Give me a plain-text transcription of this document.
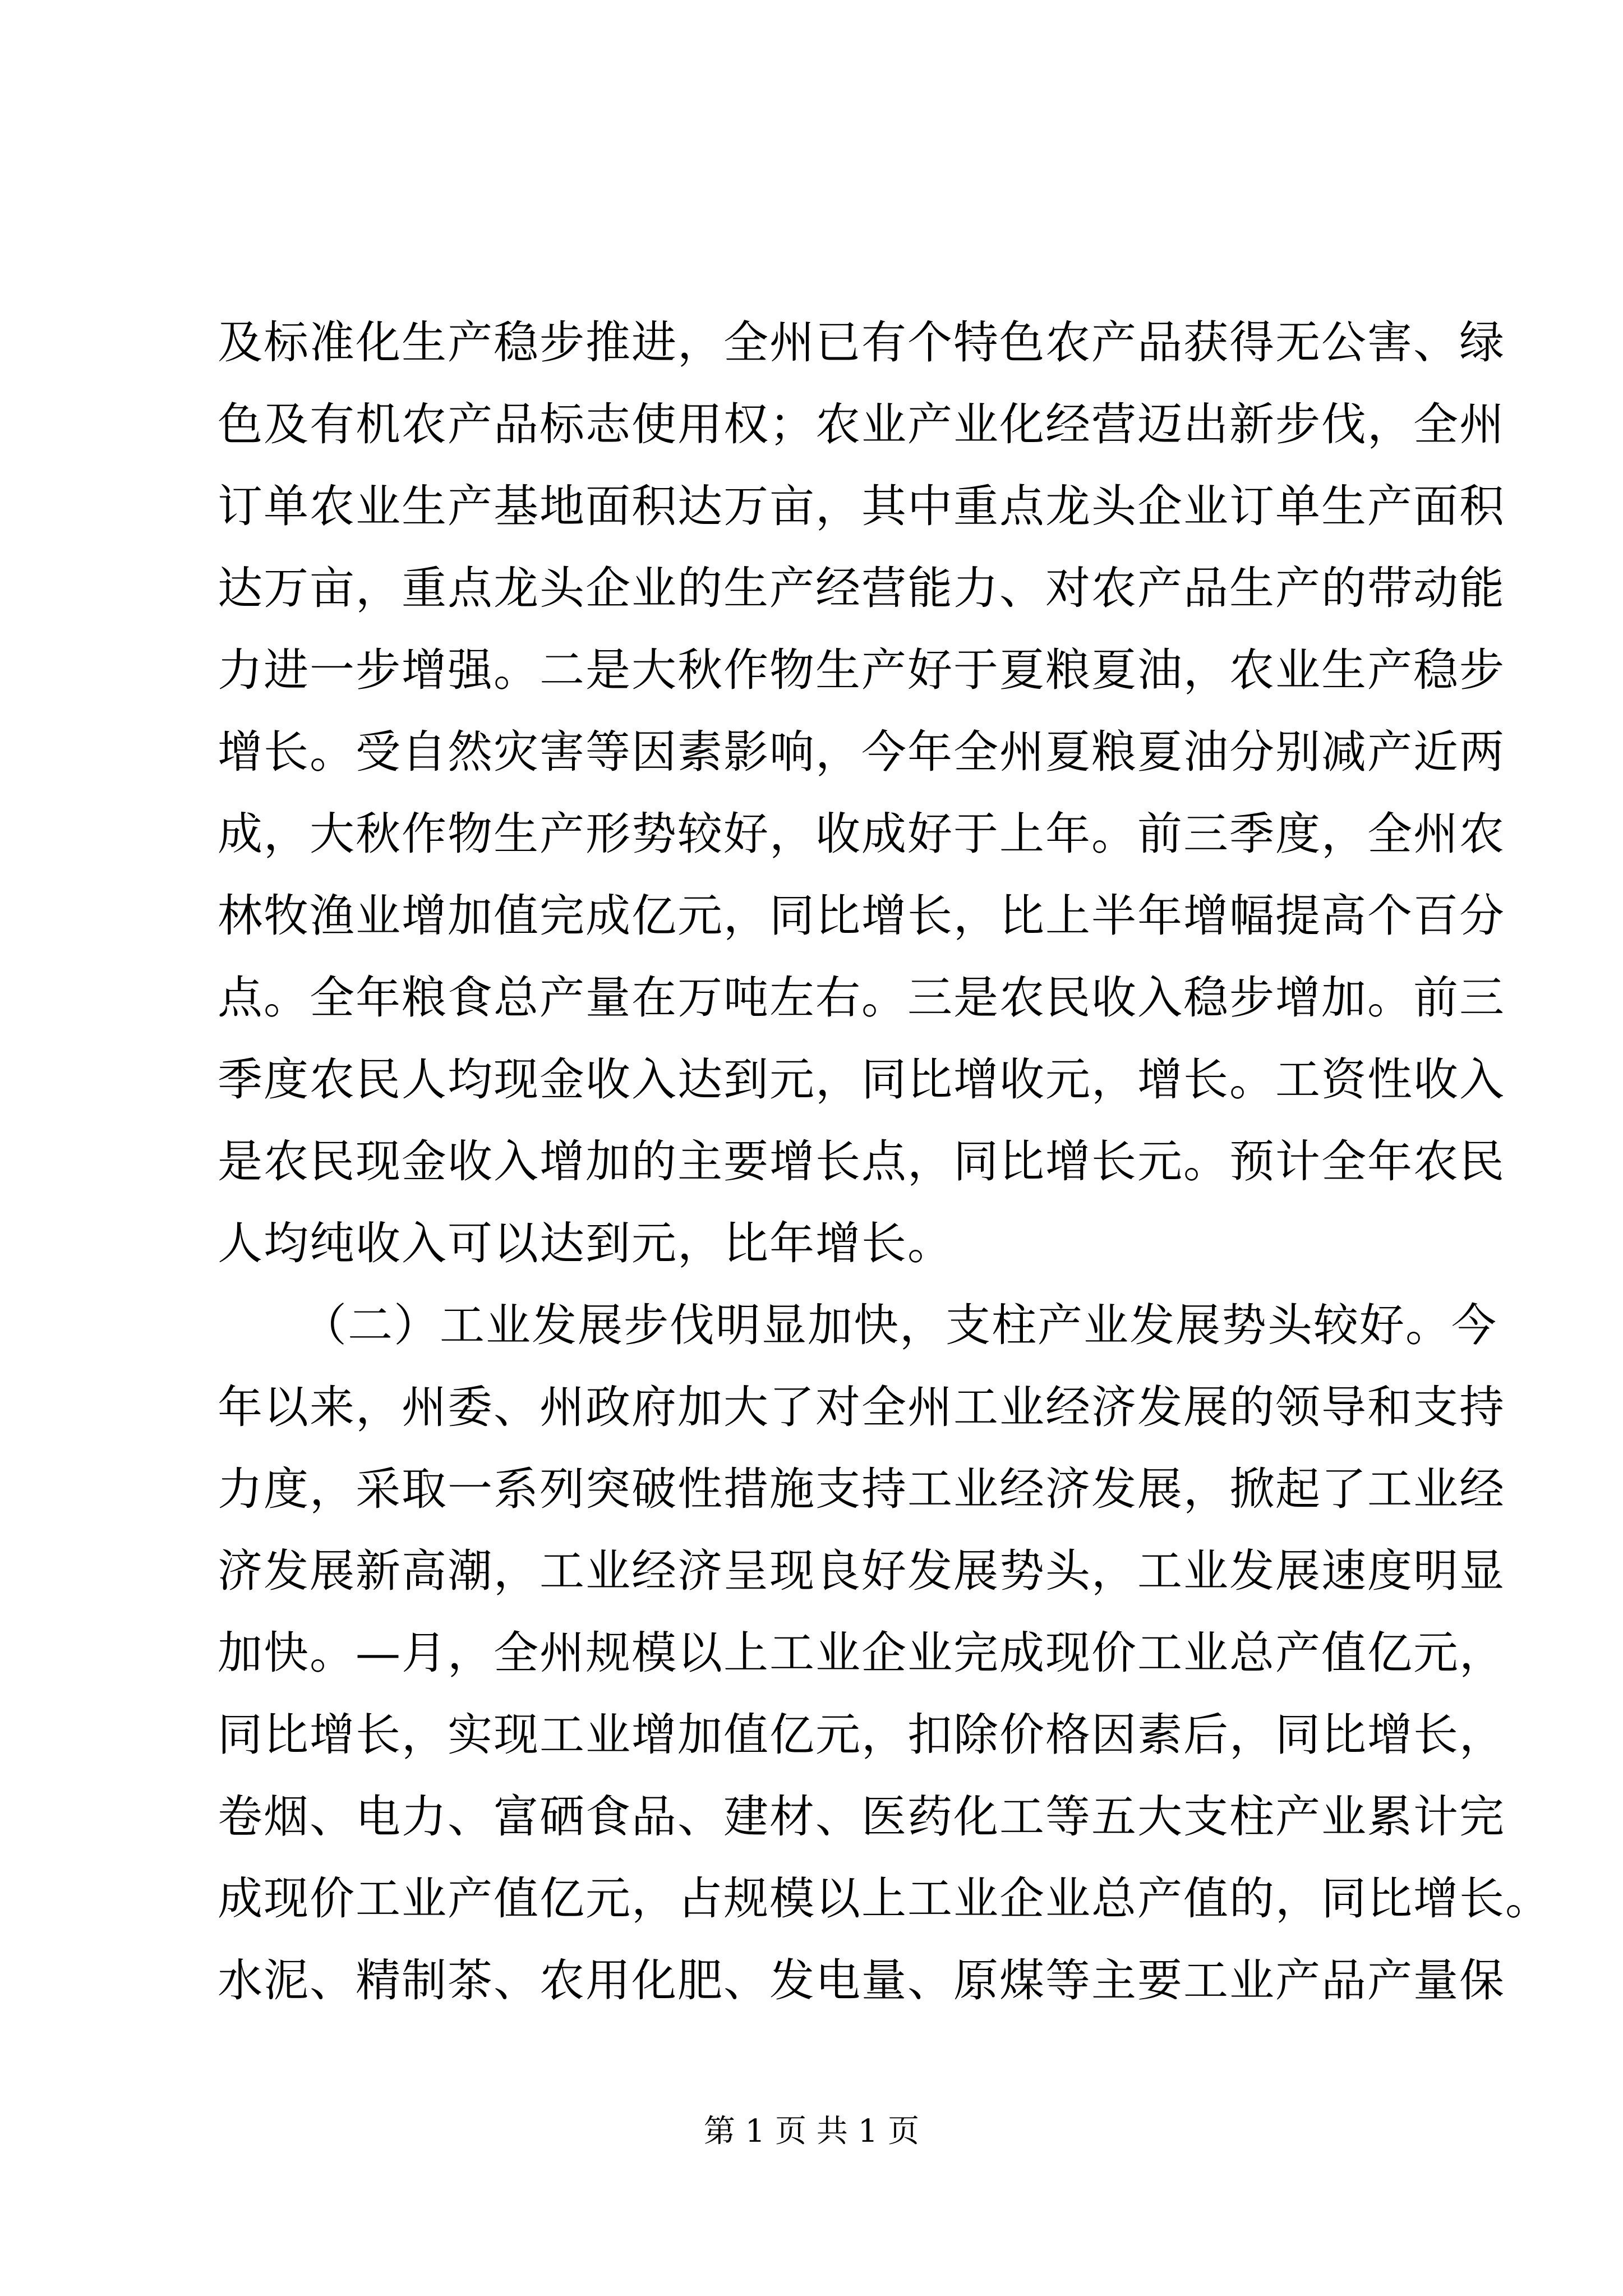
及标准化生产稳步推进，全州已有个特色农产品获得无公害、绿
色及有机农产品标志使用权；农业产业化经营迈出新步伐，全州
订单农业生产基地面积达万亩，其中重点龙头企业订单生产面积
达万亩，重点龙头企业的生产经营能力、对农产品生产的带动能
力进一步增强。二是大秋作物生产好于夏粮夏油，农业生产稳步
增长。受自然灾害等因素影响，今年全州夏粮夏油分别减产近两
成，大秋作物生产形势较好，收成好于上年。前三季度，全州农
林牧渔业增加值完成亿元，同比增长，比上半年增幅提高个百分
点。全年粮食总产量在万吨左右。三是农民收入稳步增加。前三
季度农民人均现金收入达到元，同比增收元，增长。工资性收入
是农民现金收入增加的主要增长点，同比增长元。预计全年农民
人均纯收入可以达到元，比年增长。
（二）工业发展步伐明显加快，支柱产业发展势头较好。今
年以来，州委、州政府加大了对全州工业经济发展的领导和支持
力度，采取一系列突破性措施支持工业经济发展，掀起了工业经
济发展新高潮，工业经济呈现良好发展势头，工业发展速度明显
加快。—月，全州规模以上工业企业完成现价工业总产值亿元，
同比增长，实现工业增加值亿元，扣除价格因素后，同比增长，
卷烟、电力、富硒食品、建材、医药化工等五大支柱产业累计完
成现价工业产值亿元，占规模以上工业企业总产值的，同比增长。
水泥、精制茶、农用化肥、发电量、原煤等主要工业产品产量保
第 1 页 共 1 页
